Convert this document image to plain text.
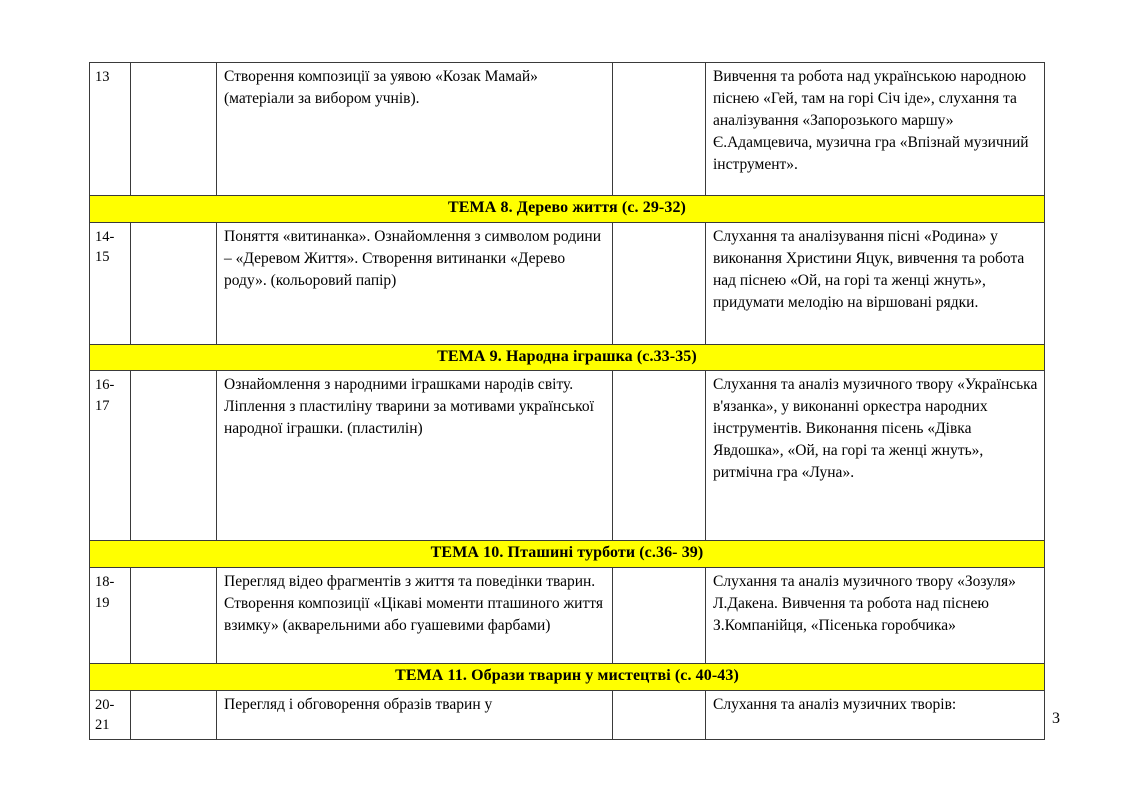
13		Створення композиції за уявою «Козак Мамай» (матеріали за вибором учнів).		Вивчення та робота над українською народною піснею «Гей, там на горі Січ іде», слухання та аналізування «Запорозького маршу» Є.Адамцевича, музична гра «Впізнай музичний інструмент».
ТЕМА 8. Дерево життя (с. 29-32)				
14-15		Поняття «витинанка». Ознайомлення з символом родини – «Деревом Життя». Створення витинанки «Дерево роду». (кольоровий папір)		Слухання та аналізування пісні «Родина» у виконання Христини Яцук, вивчення та робота над піснею «Ой, на горі та женці жнуть», придумати мелодію на віршовані рядки.
ТЕМА 9. Народна іграшка (с.33-35)				
16-17		Ознайомлення з народними іграшками народів світу. Ліплення з пластиліну тварини за мотивами української народної іграшки. (пластилін)		Слухання та аналіз музичного твору «Українська в'язанка», у виконанні оркестра народних інструментів. Виконання пісень «Дівка Явдошка», «Ой, на горі та женці жнуть», ритмічна гра «Луна».
ТЕМА 10. Пташині турботи (с.36- 39)				
18-19		Перегляд відео фрагментів з життя та поведінки тварин. Створення композиції «Цікаві моменти пташиного життя взимку» (акварельними або гуашевими фарбами)		Слухання та аналіз музичного твору «Зозуля» Л.Дакена. Вивчення та робота над піснею З.Компанійця, «Пісенька горобчика»
ТЕМА 11. Образи тварин у мистецтві (с. 40-43)				
20-21		Перегляд і обговорення образів тварин у		Слухання та аналіз музичних творів:
3
